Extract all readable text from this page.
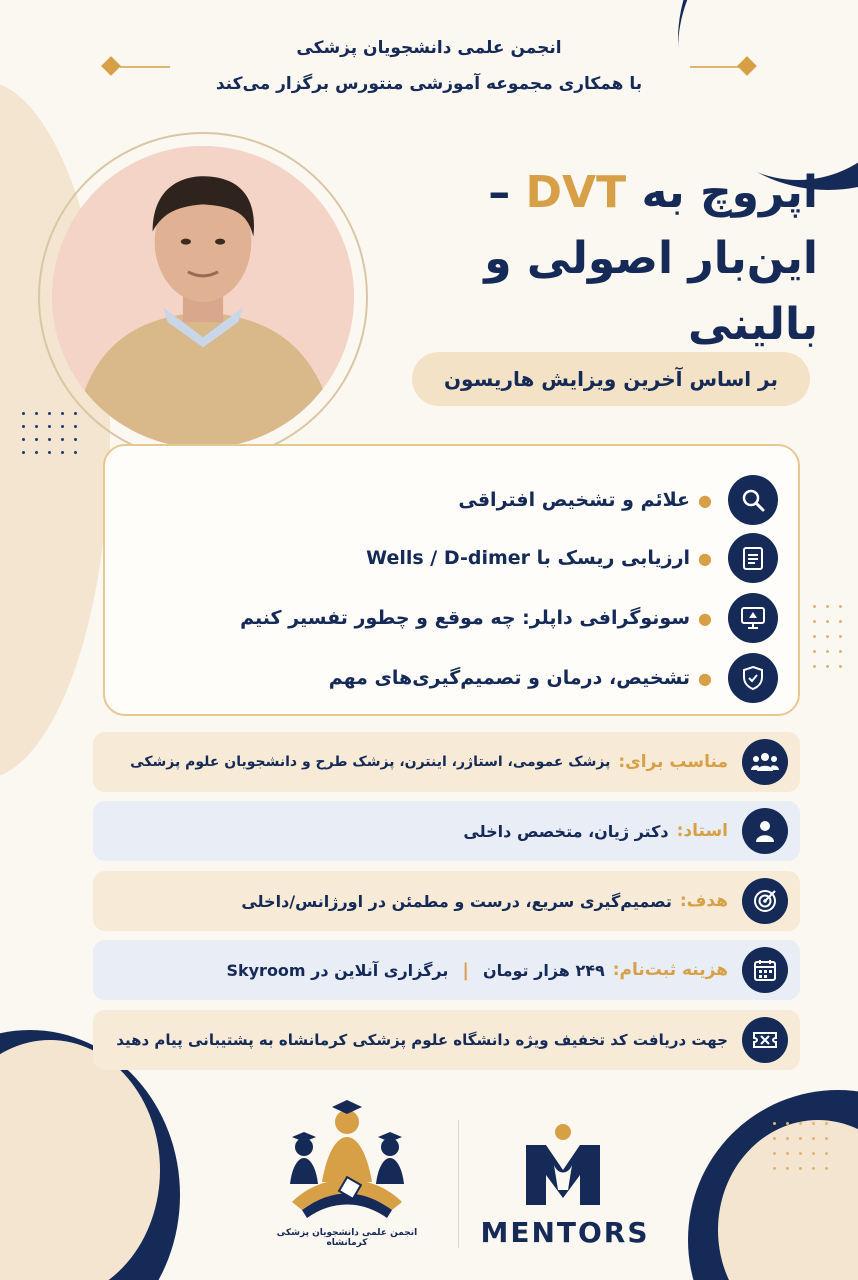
انجمن علمی دانشجویان پزشکی
با همکاری مجموعه آموزشی منتورس برگزار می‌کند
اپروچ به DVT –
این‌بار اصولی و بالینی
بر اساس آخرین ویزایش هاریسون
●
علائم و تشخیص افتراقی
●
ارزیابی ریسک با Wells / D-dimer
●
سونوگرافی داپلر: چه موقع و چطور تفسیر کنیم
●
تشخیص، درمان و تصمیم‌گیری‌های مهم
مناسب برای:
پزشک عمومی، استاژر، اینترن، پزشک طرح و دانشجویان علوم پزشکی
استاد:
دکتر ژیان، متخصص داخلی
هدف:
تصمیم‌گیری سریع، درست و مطمئن در اورژانس/داخلی
هزینه ثبت‌نام:
۲۴۹ هزار تومان
|
برگزاری آنلاین در Skyroom
جهت دریافت کد تخفیف ویژه دانشگاه علوم پزشکی کرمانشاه به پشتیبانی پیام دهید
انجمن علمی دانشجویان پزشکی کرمانشاه	MENTORS
